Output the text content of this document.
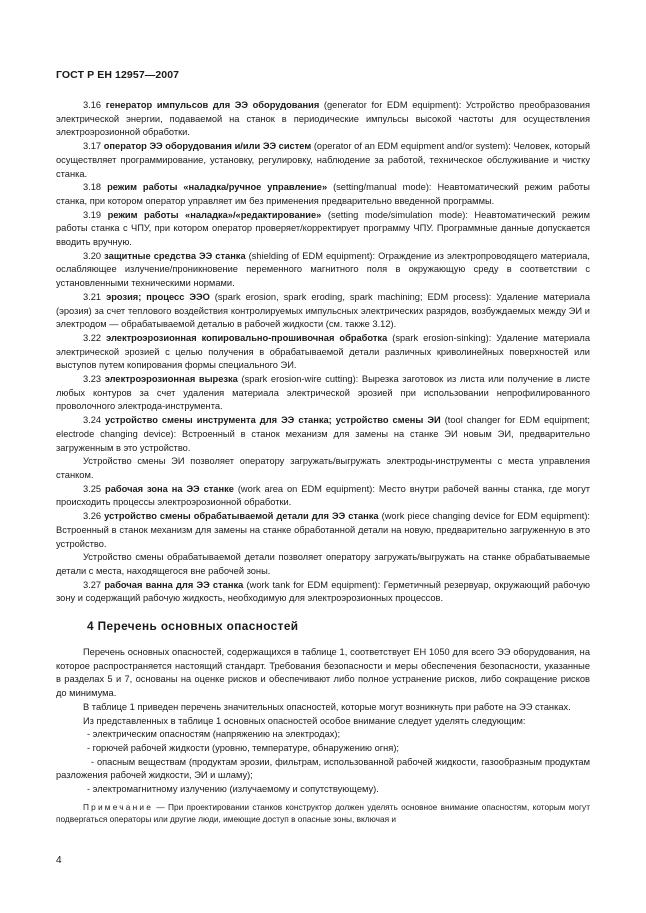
ГОСТ Р ЕН 12957—2007

3.16 генератор импульсов для ЭЭ оборудования (generator for EDM equipment): Устройство преобразования электрической энергии, подаваемой на станок в периодические импульсы высокой частоты для осуществления электроэрозионной обработки.

3.17 оператор ЭЭ оборудования и/или ЭЭ систем (operator of an EDM equipment and/or system): Человек, который осуществляет программирование, установку, регулировку, наблюдение за работой, техническое обслуживание и чистку станка.

3.18 режим работы «наладка/ручное управление» (setting/manual mode): Неавтоматический режим работы станка, при котором оператор управляет им без применения предварительно введенной программы.

3.19 режим работы «наладка»/«редактирование» (setting mode/simulation mode): Неавтоматический режим работы станка с ЧПУ, при котором оператор проверяет/корректирует программу ЧПУ. Программные данные допускается вводить вручную.

3.20 защитные средства ЭЭ станка (shielding of EDM equipment): Ограждение из электропроводящего материала, ослабляющее излучение/проникновение переменного магнитного поля в окружающую среду в соответствии с установленными техническими нормами.

3.21 эрозия; процесс ЭЭО (spark erosion, spark eroding, spark machining; EDM process): Удаление материала (эрозия) за счет теплового воздействия контролируемых импульсных электрических разрядов, возбуждаемых между ЭИ и электродом — обрабатываемой деталью в рабочей жидкости (см. также 3.12).

3.22 электроэрозионная копировально-прошивочная обработка (spark erosion-sinking): Удаление материала электрической эрозией с целью получения в обрабатываемой детали различных криволинейных поверхностей или выступов путем копирования формы специального ЭИ.

3.23 электроэрозионная вырезка (spark erosion-wire cutting): Вырезка заготовок из листа или получение в листе любых контуров за счет удаления материала электрической эрозией при использовании непрофилированного проволочного электрода-инструмента.

3.24 устройство смены инструмента для ЭЭ станка; устройство смены ЭИ (tool changer for EDM equipment; electrode changing device): Встроенный в станок механизм для замены на станке ЭИ новым ЭИ, предварительно загруженным в это устройство.

Устройство смены ЭИ позволяет оператору загружать/выгружать электроды-инструменты с места управления станком.

3.25 рабочая зона на ЭЭ станке (work area on EDM equipment): Место внутри рабочей ванны станка, где могут происходить процессы электроэрозионной обработки.

3.26 устройство смены обрабатываемой детали для ЭЭ станка (work piece changing device for EDM equipment): Встроенный в станок механизм для замены на станке обработанной детали на новую, предварительно загруженную в это устройство.

Устройство смены обрабатываемой детали позволяет оператору загружать/выгружать на станке обрабатываемые детали с места, находящегося вне рабочей зоны.

3.27 рабочая ванна для ЭЭ станка (work tank for EDM equipment): Герметичный резервуар, окружающий рабочую зону и содержащий рабочую жидкость, необходимую для электроэрозионных процессов.

4 Перечень основных опасностей

Перечень основных опасностей, содержащихся в таблице 1, соответствует ЕН 1050 для всего ЭЭ оборудования, на которое распространяется настоящий стандарт. Требования безопасности и меры обеспечения безопасности, указанные в разделах 5 и 7, основаны на оценке рисков и обеспечивают либо полное устранение рисков, либо сокращение рисков до минимума.

В таблице 1 приведен перечень значительных опасностей, которые могут возникнуть при работе на ЭЭ станках.

Из представленных в таблице 1 основных опасностей особое внимание следует уделять следующим:

- электрическим опасностям (напряжению на электродах);

- горючей рабочей жидкости (уровню, температуре, обнаружению огня);

- опасным веществам (продуктам эрозии, фильтрам, использованной рабочей жидкости, газообразным продуктам разложения рабочей жидкости, ЭИ и шламу);

- электромагнитному излучению (излучаемому и сопутствующему).

Примечание — При проектировании станков конструктор должен уделять основное внимание опасностям, которым могут подвергаться операторы или другие люди, имеющие доступ в опасные зоны, включая и

4
